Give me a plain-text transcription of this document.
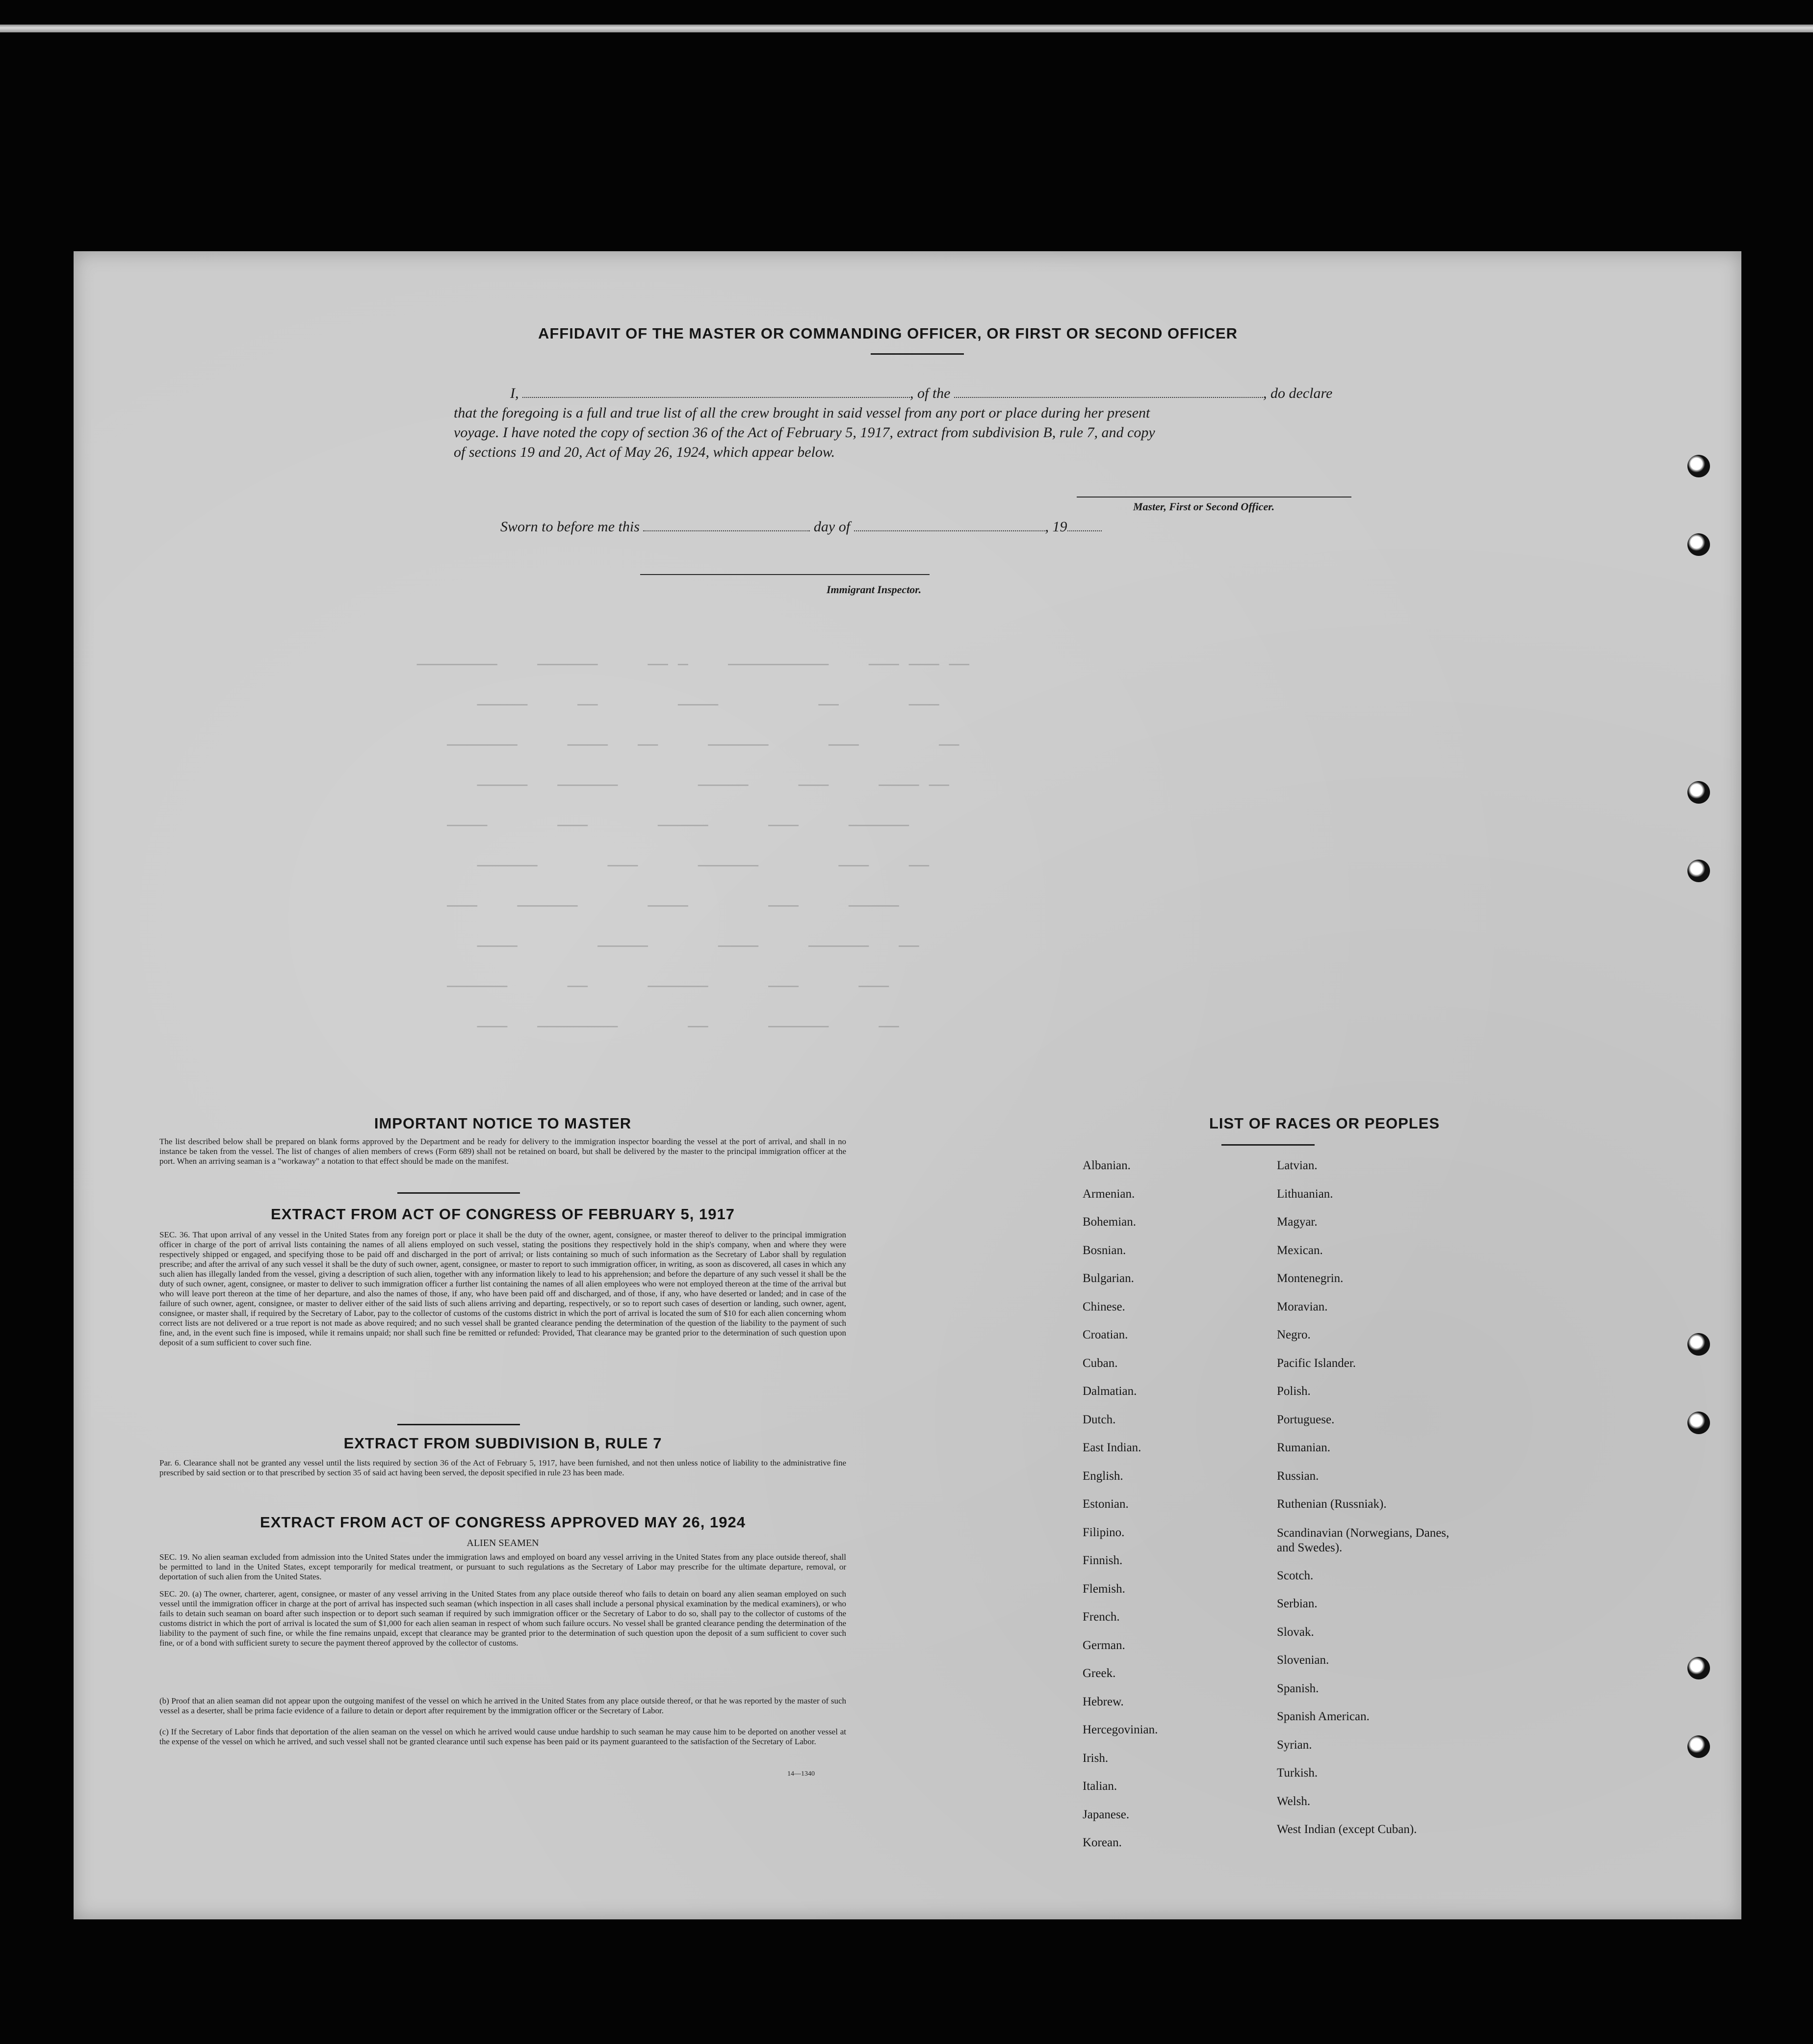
────────    ──────     ── ─    ──────────    ─── ─── ──
─────     ──        ────          ──       ───
───────     ────   ──     ──────      ───        ──
─────   ──────        ─────     ───     ──── ──
────       ───       ─────      ───     ──────
──────       ───      ──────        ───    ──
───    ──────       ────        ───     ─────
────        ─────       ────     ──────   ──
──────      ──      ──────      ───      ───
───   ────────       ──      ──────     ──

AFFIDAVIT OF THE MASTER OR COMMANDING OFFICER, OR FIRST OR SECOND OFFICER
I,	, of the	, do declare
that the foregoing is a full and true list of all the crew brought in said vessel from any port or place during her present
voyage. I have noted the copy of section 36 of the Act of February 5, 1917, extract from subdivision B, rule 7, and copy
of sections 19 and 20, Act of May 26, 1924, which appear below.
Master, First or Second Officer.
Sworn to before me this	day of	, 19
Immigrant Inspector.
IMPORTANT NOTICE TO MASTER
The list described below shall be prepared on blank forms approved by the Department and be ready for delivery to the immigration inspector boarding the vessel at the port of arrival, and shall in no instance be taken from the vessel. The list of changes of alien members of crews (Form 689) shall not be retained on board, but shall be delivered by the master to the principal immigration officer at the port. When an arriving seaman is a "workaway" a notation to that effect should be made on the manifest.
EXTRACT FROM ACT OF CONGRESS OF FEBRUARY 5, 1917
SEC. 36. That upon arrival of any vessel in the United States from any foreign port or place it shall be the duty of the owner, agent, consignee, or master thereof to deliver to the principal immigration officer in charge of the port of arrival lists containing the names of all aliens employed on such vessel, stating the positions they respectively hold in the ship's company, when and where they were respectively shipped or engaged, and specifying those to be paid off and discharged in the port of arrival; or lists containing so much of such information as the Secretary of Labor shall by regulation prescribe; and after the arrival of any such vessel it shall be the duty of such owner, agent, consignee, or master to report to such immigration officer, in writing, as soon as discovered, all cases in which any such alien has illegally landed from the vessel, giving a description of such alien, together with any information likely to lead to his apprehension; and before the departure of any such vessel it shall be the duty of such owner, agent, consignee, or master to deliver to such immigration officer a further list containing the names of all alien employees who were not employed thereon at the time of the arrival but who will leave port thereon at the time of her departure, and also the names of those, if any, who have been paid off and discharged, and of those, if any, who have deserted or landed; and in case of the failure of such owner, agent, consignee, or master to deliver either of the said lists of such aliens arriving and departing, respectively, or so to report such cases of desertion or landing, such owner, agent, consignee, or master shall, if required by the Secretary of Labor, pay to the collector of customs of the customs district in which the port of arrival is located the sum of $10 for each alien concerning whom correct lists are not delivered or a true report is not made as above required; and no such vessel shall be granted clearance pending the determination of the question of the liability to the payment of such fine, and, in the event such fine is imposed, while it remains unpaid; nor shall such fine be remitted or refunded: Provided, That clearance may be granted prior to the determination of such question upon deposit of a sum sufficient to cover such fine.
EXTRACT FROM SUBDIVISION B, RULE 7
Par. 6. Clearance shall not be granted any vessel until the lists required by section 36 of the Act of February 5, 1917, have been furnished, and not then unless notice of liability to the administrative fine prescribed by said section or to that prescribed by section 35 of said act having been served, the deposit specified in rule 23 has been made.
EXTRACT FROM ACT OF CONGRESS APPROVED MAY 26, 1924
ALIEN SEAMEN
SEC. 19. No alien seaman excluded from admission into the United States under the immigration laws and employed on board any vessel arriving in the United States from any place outside thereof, shall be permitted to land in the United States, except temporarily for medical treatment, or pursuant to such regulations as the Secretary of Labor may prescribe for the ultimate departure, removal, or deportation of such alien from the United States.
SEC. 20. (a) The owner, charterer, agent, consignee, or master of any vessel arriving in the United States from any place outside thereof who fails to detain on board any alien seaman employed on such vessel until the immigration officer in charge at the port of arrival has inspected such seaman (which inspection in all cases shall include a personal physical examination by the medical examiners), or who fails to detain such seaman on board after such inspection or to deport such seaman if required by such immigration officer or the Secretary of Labor to do so, shall pay to the collector of customs of the customs district in which the port of arrival is located the sum of $1,000 for each alien seaman in respect of whom such failure occurs. No vessel shall be granted clearance pending the determination of the liability to the payment of such fine, or while the fine remains unpaid, except that clearance may be granted prior to the determination of such question upon the deposit of a sum sufficient to cover such fine, or of a bond with sufficient surety to secure the payment thereof approved by the collector of customs.
(b) Proof that an alien seaman did not appear upon the outgoing manifest of the vessel on which he arrived in the United States from any place outside thereof, or that he was reported by the master of such vessel as a deserter, shall be prima facie evidence of a failure to detain or deport after requirement by the immigration officer or the Secretary of Labor.
(c) If the Secretary of Labor finds that deportation of the alien seaman on the vessel on which he arrived would cause undue hardship to such seaman he may cause him to be deported on another vessel at the expense of the vessel on which he arrived, and such vessel shall not be granted clearance until such expense has been paid or its payment guaranteed to the satisfaction of the Secretary of Labor.
14—1340
LIST OF RACES OR PEOPLES
Albanian.
Armenian.
Bohemian.
Bosnian.
Bulgarian.
Chinese.
Croatian.
Cuban.
Dalmatian.
Dutch.
East Indian.
English.
Estonian.
Filipino.
Finnish.
Flemish.
French.
German.
Greek.
Hebrew.
Hercegovinian.
Irish.
Italian.
Japanese.
Korean.
Latvian.
Lithuanian.
Magyar.
Mexican.
Montenegrin.
Moravian.
Negro.
Pacific Islander.
Polish.
Portuguese.
Rumanian.
Russian.
Ruthenian (Russniak).
Scandinavian (Norwegians, Danes, and Swedes).
Scotch.
Serbian.
Slovak.
Slovenian.
Spanish.
Spanish American.
Syrian.
Turkish.
Welsh.
West Indian (except Cuban).
